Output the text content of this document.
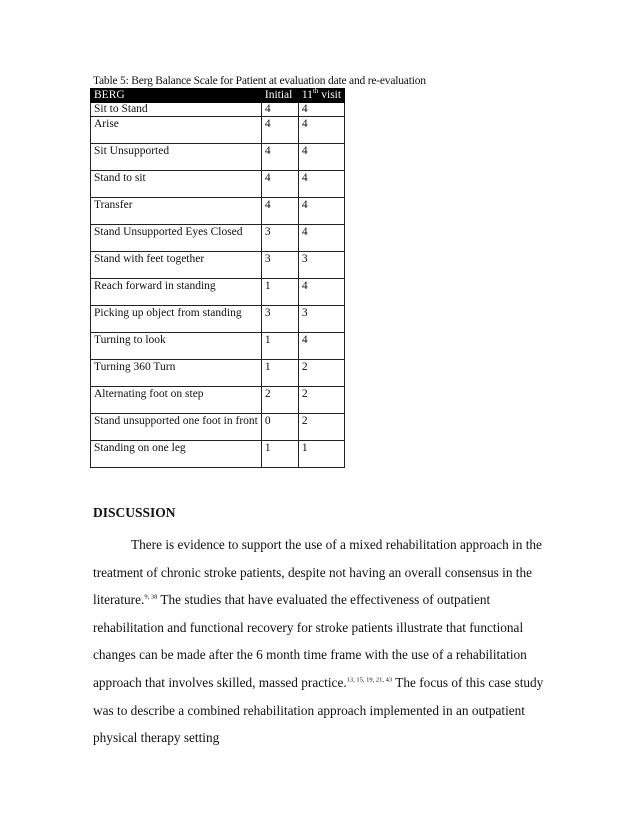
Table 5: Berg Balance Scale for Patient at evaluation date and re-evaluation
BERG	Initial	11th visit
Sit to Stand	4	4
Arise	4	4
Sit Unsupported	4	4
Stand to sit	4	4
Transfer	4	4
Stand Unsupported Eyes Closed	3	4
Stand with feet together	3	3
Reach forward in standing	1	4
Picking up object from standing	3	3
Turning to look	1	4
Turning 360 Turn	1	2
Alternating foot on step	2	2
Stand unsupported one foot in front	0	2
Standing on one leg	1	1
DISCUSSION

There is evidence to support the use of a mixed rehabilitation approach in the treatment of chronic stroke patients, despite not having an overall consensus in the literature.$^{9, 38}$ The studies that have evaluated the effectiveness of outpatient rehabilitation and functional recovery for stroke patients illustrate that functional changes can be made after the 6 month time frame with the use of a rehabilitation approach that involves skilled, massed practice.$^{13, 15, 19, 21, 43}$ The focus of this case study was to describe a combined rehabilitation approach implemented in an outpatient physical therapy setting
